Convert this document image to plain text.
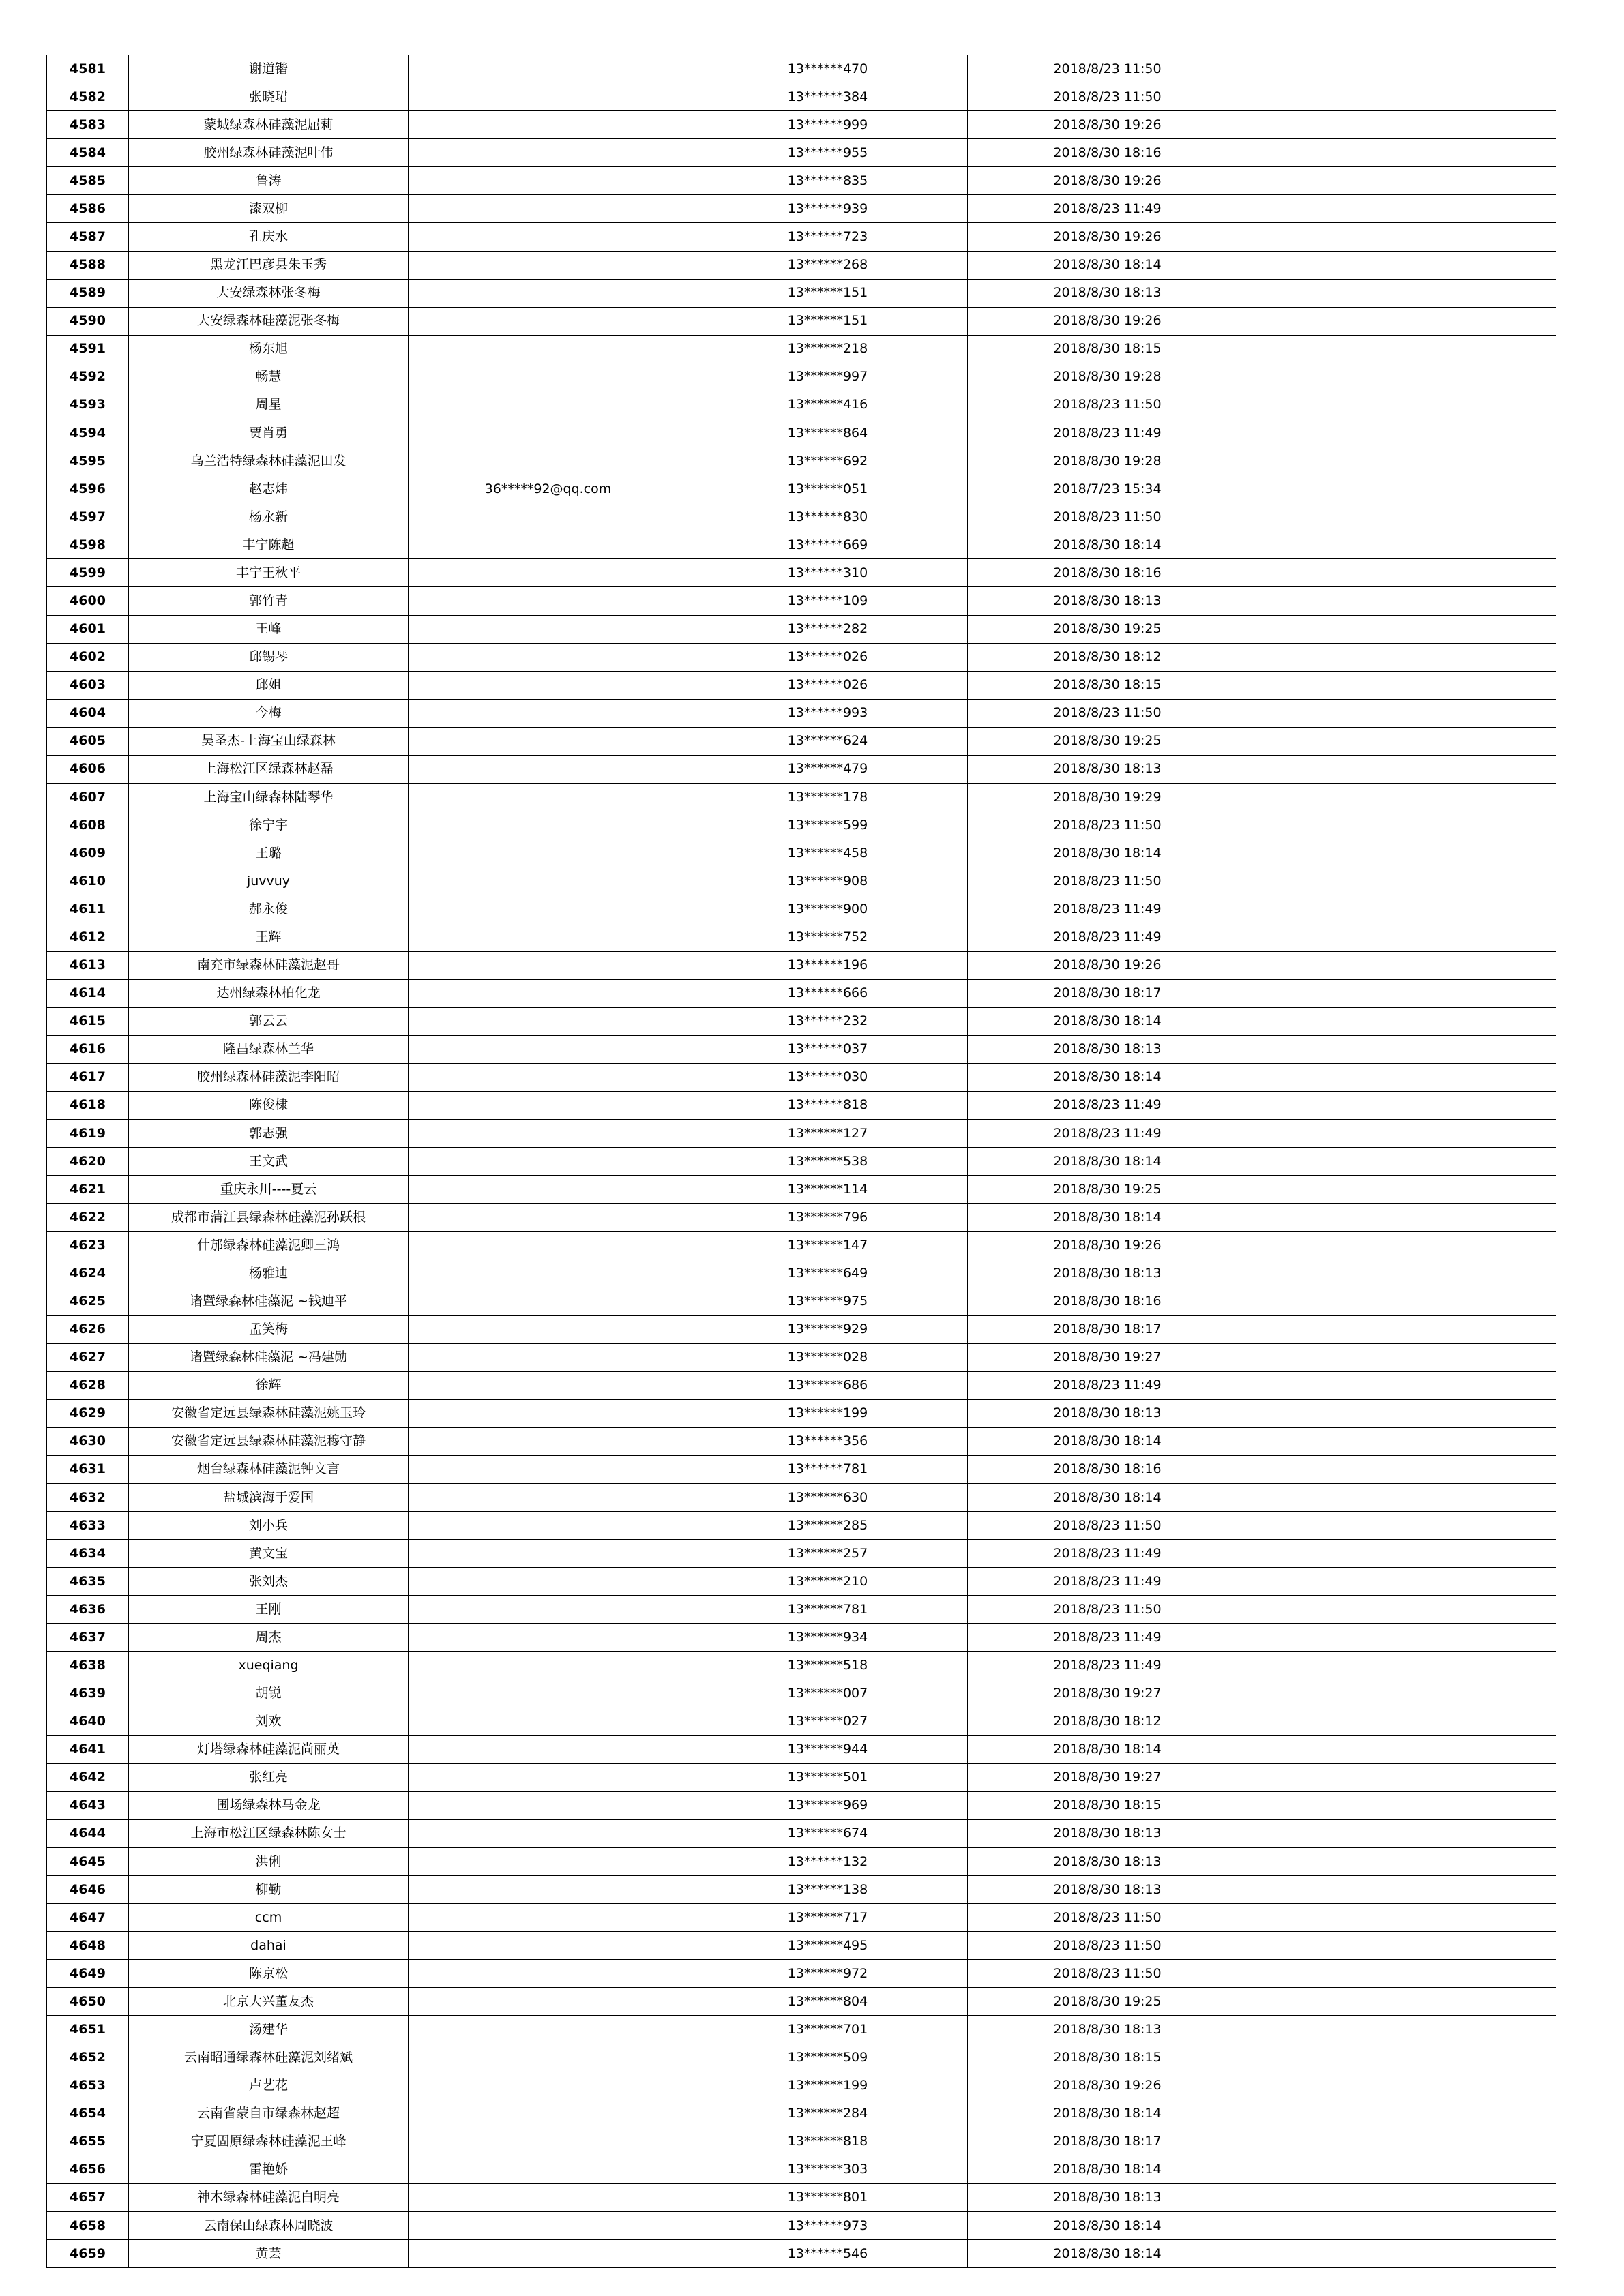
4581	谢道锴		13******470	2018/8/23 11:50	
4582	张晓珺		13******384	2018/8/23 11:50	
4583	蒙城绿森林硅藻泥屈莉		13******999	2018/8/30 19:26	
4584	胶州绿森林硅藻泥叶伟		13******955	2018/8/30 18:16	
4585	鲁涛		13******835	2018/8/30 19:26	
4586	漆双柳		13******939	2018/8/23 11:49	
4587	孔庆水		13******723	2018/8/30 19:26	
4588	黑龙江巴彦县朱玉秀		13******268	2018/8/30 18:14	
4589	大安绿森林张冬梅		13******151	2018/8/30 18:13	
4590	大安绿森林硅藻泥张冬梅		13******151	2018/8/30 19:26	
4591	杨东旭		13******218	2018/8/30 18:15	
4592	畅慧		13******997	2018/8/30 19:28	
4593	周星		13******416	2018/8/23 11:50	
4594	贾肖勇		13******864	2018/8/23 11:49	
4595	乌兰浩特绿森林硅藻泥田发		13******692	2018/8/30 19:28	
4596	赵志炜	36*****92@qq.com	13******051	2018/7/23 15:34	
4597	杨永新		13******830	2018/8/23 11:50	
4598	丰宁陈超		13******669	2018/8/30 18:14	
4599	丰宁王秋平		13******310	2018/8/30 18:16	
4600	郭竹青		13******109	2018/8/30 18:13	
4601	王峰		13******282	2018/8/30 19:25	
4602	邱锡琴		13******026	2018/8/30 18:12	
4603	邱姐		13******026	2018/8/30 18:15	
4604	今梅		13******993	2018/8/23 11:50	
4605	吴圣杰-上海宝山绿森林		13******624	2018/8/30 19:25	
4606	上海松江区绿森林赵磊		13******479	2018/8/30 18:13	
4607	上海宝山绿森林陆琴华		13******178	2018/8/30 19:29	
4608	徐宁宇		13******599	2018/8/23 11:50	
4609	王璐		13******458	2018/8/30 18:14	
4610	juvvuy		13******908	2018/8/23 11:50	
4611	郝永俊		13******900	2018/8/23 11:49	
4612	王辉		13******752	2018/8/23 11:49	
4613	南充市绿森林硅藻泥赵哥		13******196	2018/8/30 19:26	
4614	达州绿森林柏化龙		13******666	2018/8/30 18:17	
4615	郭云云		13******232	2018/8/30 18:14	
4616	隆昌绿森林兰华		13******037	2018/8/30 18:13	
4617	胶州绿森林硅藻泥李阳昭		13******030	2018/8/30 18:14	
4618	陈俊棣		13******818	2018/8/23 11:49	
4619	郭志强		13******127	2018/8/23 11:49	
4620	王文武		13******538	2018/8/30 18:14	
4621	重庆永川----夏云		13******114	2018/8/30 19:25	
4622	成都市蒲江县绿森林硅藻泥孙跃根		13******796	2018/8/30 18:14	
4623	什邡绿森林硅藻泥卿三鸿		13******147	2018/8/30 19:26	
4624	杨雅迪		13******649	2018/8/30 18:13	
4625	诸暨绿森林硅藻泥 ~钱迪平		13******975	2018/8/30 18:16	
4626	孟笑梅		13******929	2018/8/30 18:17	
4627	诸暨绿森林硅藻泥 ~冯建勋		13******028	2018/8/30 19:27	
4628	徐辉		13******686	2018/8/23 11:49	
4629	安徽省定远县绿森林硅藻泥姚玉玲		13******199	2018/8/30 18:13	
4630	安徽省定远县绿森林硅藻泥穆守静		13******356	2018/8/30 18:14	
4631	烟台绿森林硅藻泥钟文言		13******781	2018/8/30 18:16	
4632	盐城滨海于爱国		13******630	2018/8/30 18:14	
4633	刘小兵		13******285	2018/8/23 11:50	
4634	黄文宝		13******257	2018/8/23 11:49	
4635	张刘杰		13******210	2018/8/23 11:49	
4636	王刚		13******781	2018/8/23 11:50	
4637	周杰		13******934	2018/8/23 11:49	
4638	xueqiang		13******518	2018/8/23 11:49	
4639	胡锐		13******007	2018/8/30 19:27	
4640	刘欢		13******027	2018/8/30 18:12	
4641	灯塔绿森林硅藻泥尚丽英		13******944	2018/8/30 18:14	
4642	张红亮		13******501	2018/8/30 19:27	
4643	围场绿森林马金龙		13******969	2018/8/30 18:15	
4644	上海市松江区绿森林陈女士		13******674	2018/8/30 18:13	
4645	洪俐		13******132	2018/8/30 18:13	
4646	柳勤		13******138	2018/8/30 18:13	
4647	ccm		13******717	2018/8/23 11:50	
4648	dahai		13******495	2018/8/23 11:50	
4649	陈京松		13******972	2018/8/23 11:50	
4650	北京大兴董友杰		13******804	2018/8/30 19:25	
4651	汤建华		13******701	2018/8/30 18:13	
4652	云南昭通绿森林硅藻泥刘绪斌		13******509	2018/8/30 18:15	
4653	卢艺花		13******199	2018/8/30 19:26	
4654	云南省蒙自市绿森林赵超		13******284	2018/8/30 18:14	
4655	宁夏固原绿森林硅藻泥王峰		13******818	2018/8/30 18:17	
4656	雷艳娇		13******303	2018/8/30 18:14	
4657	神木绿森林硅藻泥白明亮		13******801	2018/8/30 18:13	
4658	云南保山绿森林周晓波		13******973	2018/8/30 18:14	
4659	黄芸		13******546	2018/8/30 18:14	
